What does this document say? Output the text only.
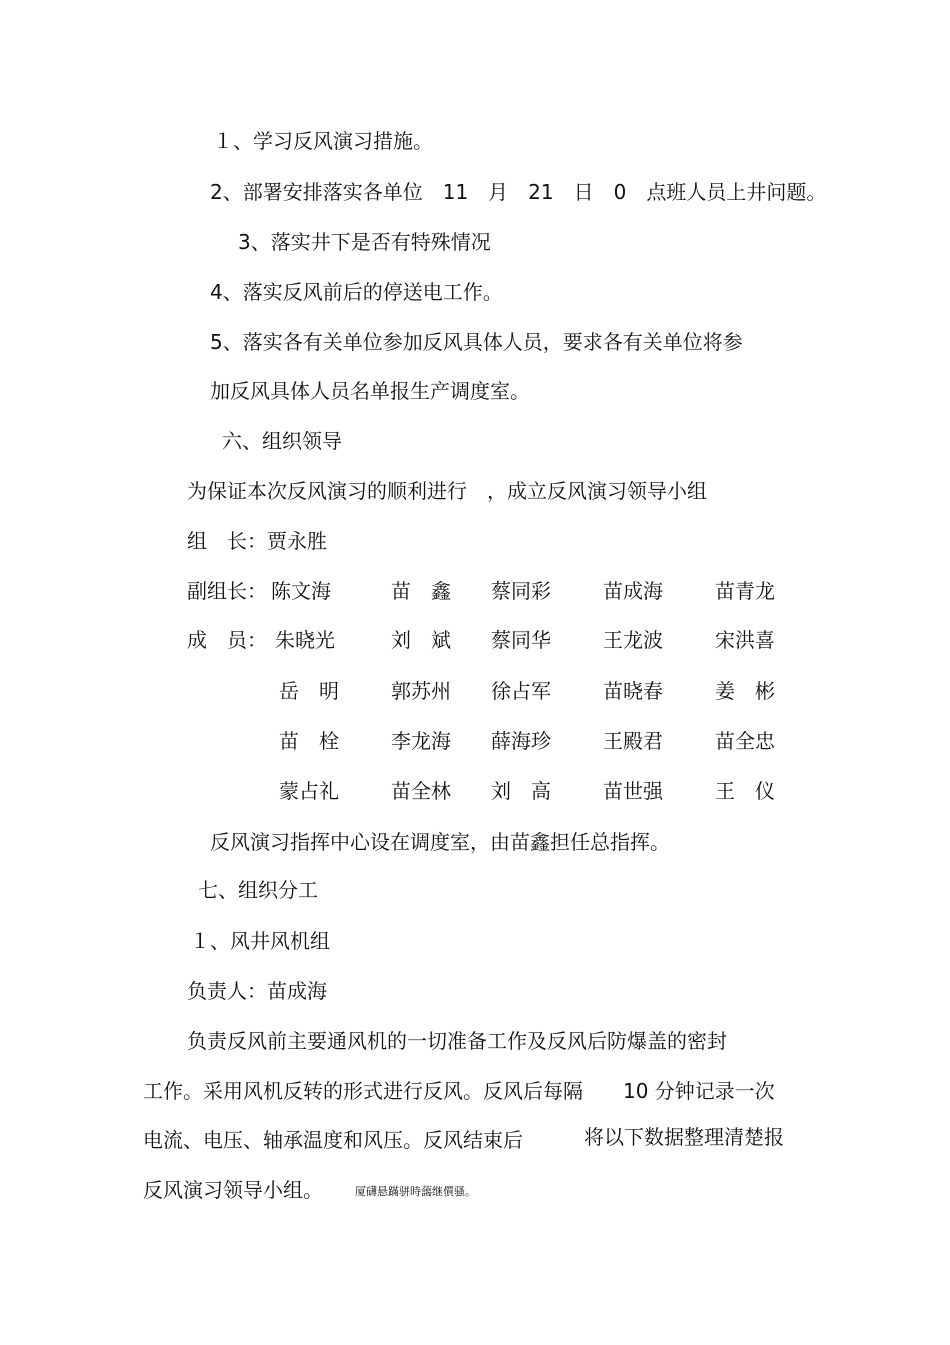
１、学习反风演习措施。
2、部署安排落实各单位　11　月　21　日　0　点班人员上井问题。
3、落实井下是否有特殊情况
4、落实反风前后的停送电工作。
5、落实各有关单位参加反风具体人员，要求各有关单位将参
加反风具体人员名单报生产调度室。
六、组织领导
为保证本次反风演习的顺利进行　，成立反风演习领导小组
组　长：贾永胜
副组长： 陈文海	苗　鑫 蔡同彩	苗成海	苗青龙
成　员： 朱晓光	刘　斌 蔡同华	王龙波	宋洪喜
岳　明	郭苏州 徐占军	苗晓春	姜　彬
苗　栓	李龙海 薛海珍	王殿君	苗全忠
蒙占礼	苗全林 刘　高	苗世强	王　仪
反风演习指挥中心设在调度室，由苗鑫担任总指挥。
七、组织分工
１、风井风机组
负责人：苗成海
负责反风前主要通风机的一切准备工作及反风后防爆盖的密封
工作。采用风机反转的形式进行反风。反风后每隔　　10 分钟记录一次
电流、电压、轴承温度和风压。反风结束后	将以下数据整理清楚报
反风演习领导小组。	厦礴悬蹣骈時藹继儨骚。
